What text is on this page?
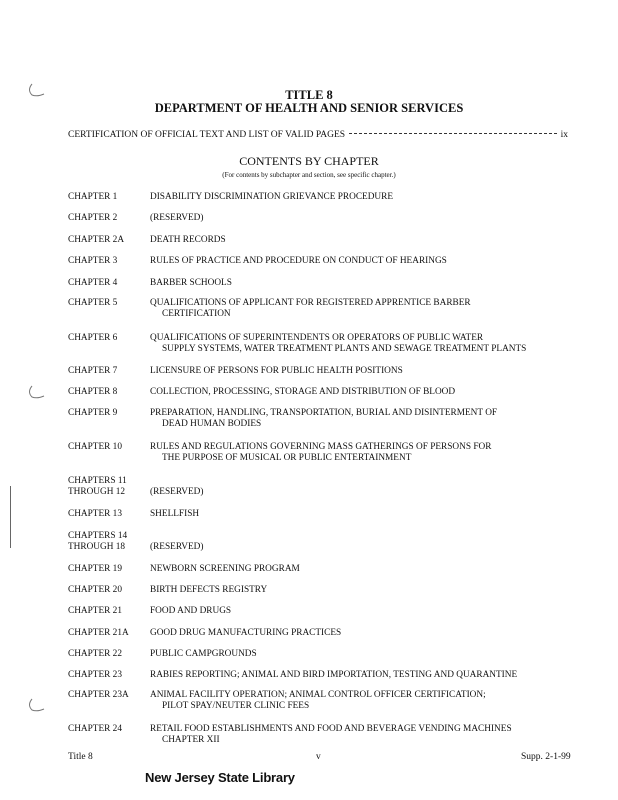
TITLE 8
DEPARTMENT OF HEALTH AND SENIOR SERVICES
CERTIFICATION OF OFFICIAL TEXT AND LIST OF VALID PAGES	ix
CONTENTS BY CHAPTER
(For contents by subchapter and section, see specific chapter.)
CHAPTER 1	DISABILITY DISCRIMINATION GRIEVANCE PROCEDURE
CHAPTER 2	(RESERVED)
CHAPTER 2A	DEATH RECORDS
CHAPTER 3	RULES OF PRACTICE AND PROCEDURE ON CONDUCT OF HEARINGS
CHAPTER 4	BARBER SCHOOLS
CHAPTER 5	QUALIFICATIONS OF APPLICANT FOR REGISTERED APPRENTICE BARBER
CERTIFICATION
CHAPTER 6	QUALIFICATIONS OF SUPERINTENDENTS OR OPERATORS OF PUBLIC WATER
SUPPLY SYSTEMS, WATER TREATMENT PLANTS AND SEWAGE TREATMENT PLANTS
CHAPTER 7	LICENSURE OF PERSONS FOR PUBLIC HEALTH POSITIONS
CHAPTER 8	COLLECTION, PROCESSING, STORAGE AND DISTRIBUTION OF BLOOD
CHAPTER 9	PREPARATION, HANDLING, TRANSPORTATION, BURIAL AND DISINTERMENT OF
DEAD HUMAN BODIES
CHAPTER 10	RULES AND REGULATIONS GOVERNING MASS GATHERINGS OF PERSONS FOR
THE PURPOSE OF MUSICAL OR PUBLIC ENTERTAINMENT
CHAPTERS 11
THROUGH 12	(RESERVED)
CHAPTER 13	SHELLFISH
CHAPTERS 14
THROUGH 18	(RESERVED)
CHAPTER 19	NEWBORN SCREENING PROGRAM
CHAPTER 20	BIRTH DEFECTS REGISTRY
CHAPTER 21	FOOD AND DRUGS
CHAPTER 21A	GOOD DRUG MANUFACTURING PRACTICES
CHAPTER 22	PUBLIC CAMPGROUNDS
CHAPTER 23	RABIES REPORTING; ANIMAL AND BIRD IMPORTATION, TESTING AND QUARANTINE
CHAPTER 23A	ANIMAL FACILITY OPERATION; ANIMAL CONTROL OFFICER CERTIFICATION;
PILOT SPAY/NEUTER CLINIC FEES
CHAPTER 24	RETAIL FOOD ESTABLISHMENTS AND FOOD AND BEVERAGE VENDING MACHINES
CHAPTER XII
Title 8	v	Supp. 2-1-99
New Jersey State Library
